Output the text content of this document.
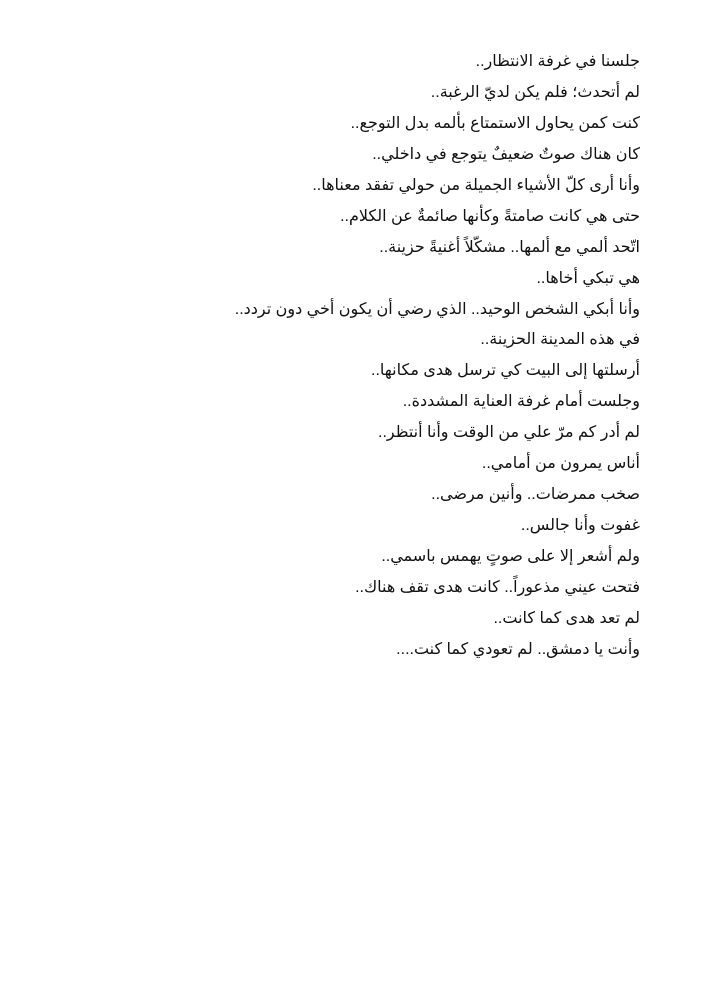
جلسنا في غرفة الانتظار..
لم أتحدث؛ فلم يكن لديّ الرغبة..
كنت كمن يحاول الاستمتاع بألمه بدل التوجع..
كان هناك صوتٌ ضعيفٌ يتوجع في داخلي..
وأنا أرى كلّ الأشياء الجميلة من حولي تفقد معناها..
حتى هي كانت صامتةً وكأنها صائمةٌ عن الكلام..
اتّحد ألمي مع ألمها.. مشكّلاً أغنيةً حزينة..
هي تبكي أخاها..
وأنا أبكي الشخص الوحيد.. الذي رضي أن يكون أخي دون تردد..
في هذه المدينة الحزينة..
أرسلتها إلى البيت كي ترسل هدى مكانها..
وجلست أمام غرفة العناية المشددة..
لم أدر كم مرّ علي من الوقت وأنا أنتظر..
أناس يمرون من أمامي..
صخب ممرضات.. وأنين مرضى..
غفوت وأنا جالس..
ولم أشعر إلا على صوتٍ يهمس باسمي..
فتحت عيني مذعوراً.. كانت هدى تقف هناك..
لم تعد هدى كما كانت..
وأنت يا دمشق.. لم تعودي كما كنت....
